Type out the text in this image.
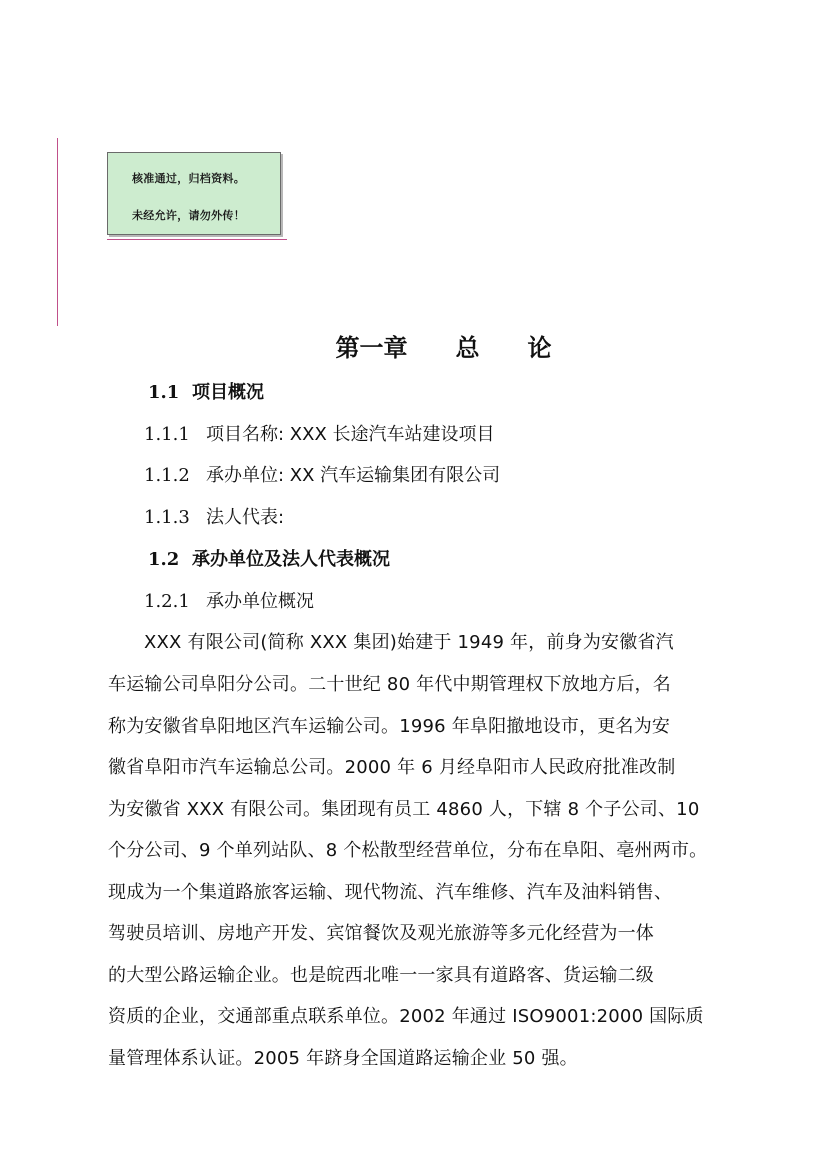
核准通过，归档资料。
未经允许，请勿外传！
第一章　　总　　论
1.1 项目概况
1.1.1 项目名称: XXX 长途汽车站建设项目
1.1.2 承办单位: XX 汽车运输集团有限公司
1.1.3 法人代表:
1.2 承办单位及法人代表概况
1.2.1 承办单位概况
XXX 有限公司(简称 XXX 集团)始建于 1949 年，前身为安徽省汽
车运输公司阜阳分公司。二十世纪 80 年代中期管理权下放地方后，名
称为安徽省阜阳地区汽车运输公司。1996 年阜阳撤地设市，更名为安
徽省阜阳市汽车运输总公司。2000 年 6 月经阜阳市人民政府批准改制
为安徽省 XXX 有限公司。集团现有员工 4860 人，下辖 8 个子公司、10
个分公司、9 个单列站队、8 个松散型经营单位，分布在阜阳、亳州两市。
现成为一个集道路旅客运输、现代物流、汽车维修、汽车及油料销售、
驾驶员培训、房地产开发、宾馆餐饮及观光旅游等多元化经营为一体
的大型公路运输企业。也是皖西北唯一一家具有道路客、货运输二级
资质的企业，交通部重点联系单位。2002 年通过 ISO9001:2000 国际质
量管理体系认证。2005 年跻身全国道路运输企业 50 强。
